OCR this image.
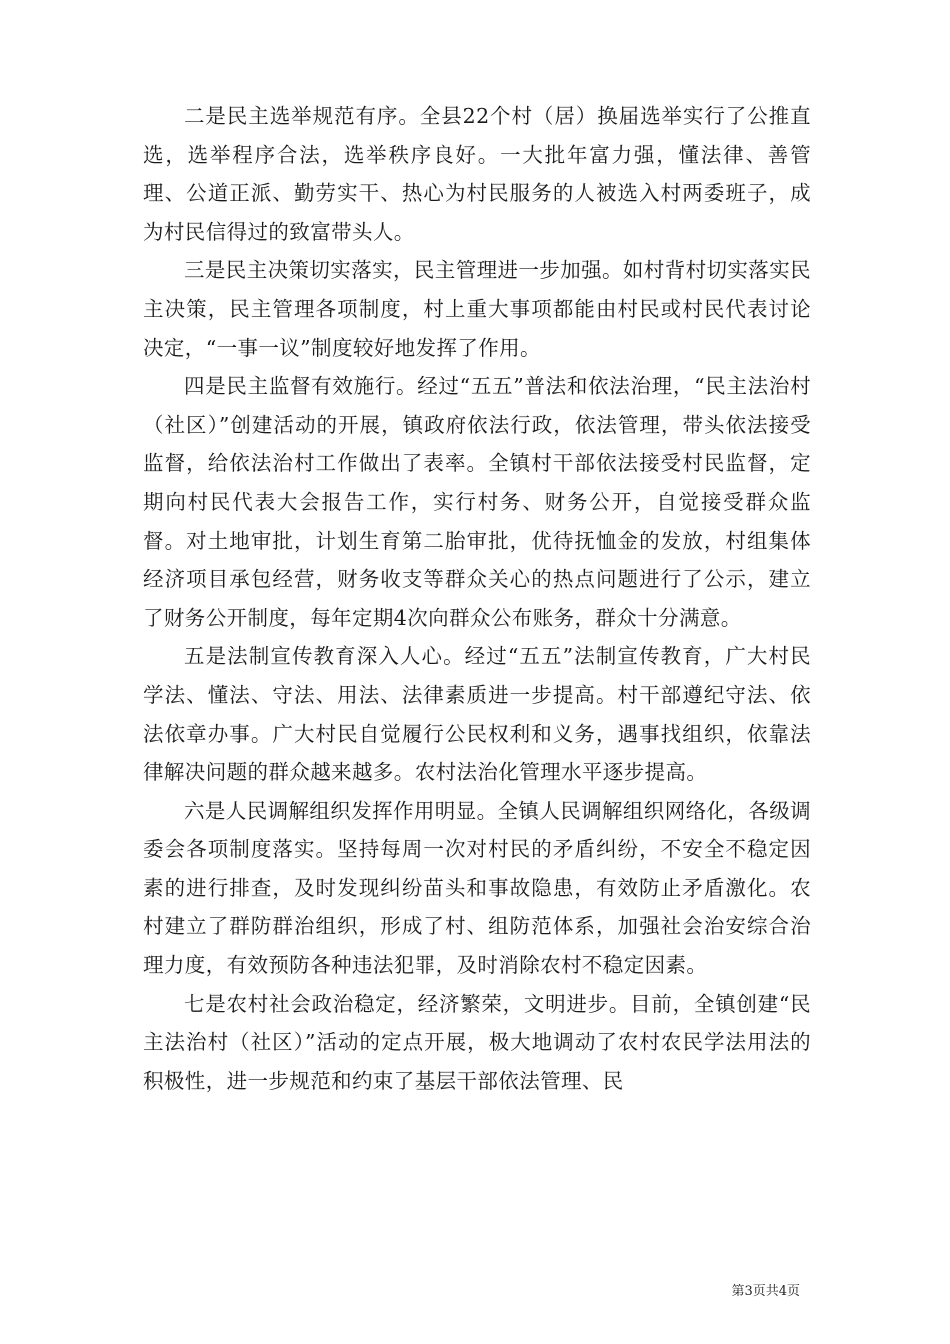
二是民主选举规范有序。全县22个村（居）换届选举实行了公推直选，选举程序合法，选举秩序良好。一大批年富力强，懂法律、善管理、公道正派、勤劳实干、热心为村民服务的人被选入村两委班子，成为村民信得过的致富带头人。

三是民主决策切实落实，民主管理进一步加强。如村背村切实落实民主决策，民主管理各项制度，村上重大事项都能由村民或村民代表讨论决定，“一事一议”制度较好地发挥了作用。

四是民主监督有效施行。经过“五五”普法和依法治理，“民主法治村（社区）”创建活动的开展，镇政府依法行政，依法管理，带头依法接受监督，给依法治村工作做出了表率。全镇村干部依法接受村民监督，定期向村民代表大会报告工作，实行村务、财务公开，自觉接受群众监督。对土地审批，计划生育第二胎审批，优待抚恤金的发放，村组集体经济项目承包经营，财务收支等群众关心的热点问题进行了公示，建立了财务公开制度，每年定期4次向群众公布账务，群众十分满意。

五是法制宣传教育深入人心。经过“五五”法制宣传教育，广大村民学法、懂法、守法、用法、法律素质进一步提高。村干部遵纪守法、依法依章办事。广大村民自觉履行公民权利和义务，遇事找组织，依靠法律解决问题的群众越来越多。农村法治化管理水平逐步提高。

六是人民调解组织发挥作用明显。全镇人民调解组织网络化，各级调委会各项制度落实。坚持每周一次对村民的矛盾纠纷，不安全不稳定因素的进行排查，及时发现纠纷苗头和事故隐患，有效防止矛盾激化。农村建立了群防群治组织，形成了村、组防范体系，加强社会治安综合治理力度，有效预防各种违法犯罪，及时消除农村不稳定因素。

七是农村社会政治稳定，经济繁荣，文明进步。目前，全镇创建“民主法治村（社区）”活动的定点开展，极大地调动了农村农民学法用法的积极性，进一步规范和约束了基层干部依法管理、民

第3页共4页
